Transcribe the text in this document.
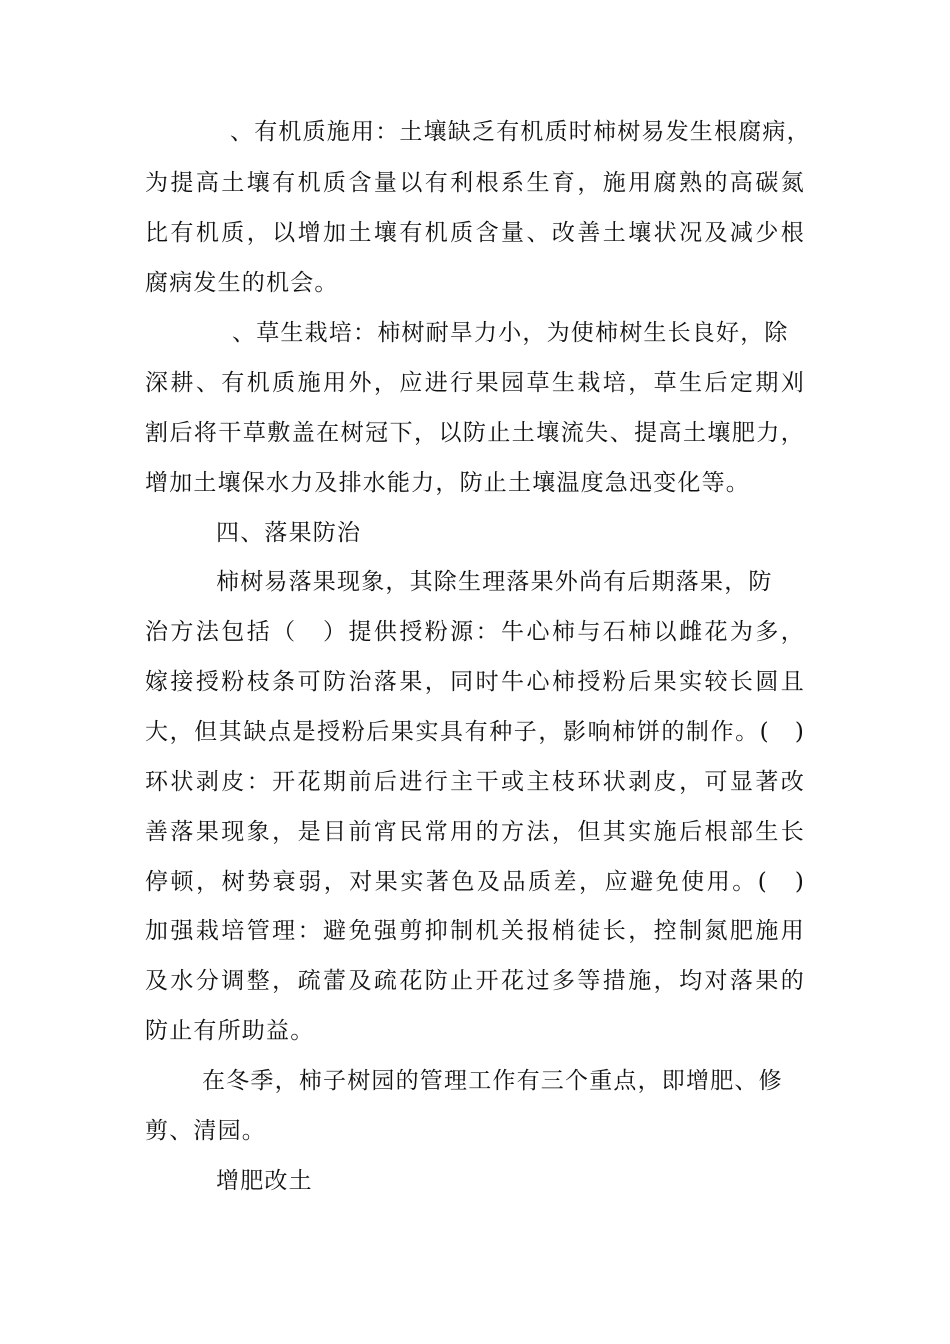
、有机质施用：土壤缺乏有机质时柿树易发生根腐病，
为提高土壤有机质含量以有利根系生育，施用腐熟的高碳氮
比有机质，以增加土壤有机质含量、改善土壤状况及减少根
腐病发生的机会。
、草生栽培：柿树耐旱力小，为使柿树生长良好，除
深耕、有机质施用外，应进行果园草生栽培，草生后定期刈
割后将干草敷盖在树冠下，以防止土壤流失、提高土壤肥力，
增加土壤保水力及排水能力，防止土壤温度急迅变化等。
四、落果防治
柿树易落果现象，其除生理落果外尚有后期落果，防
治方法包括（　）提供授粉源：牛心柿与石柿以雌花为多，
嫁接授粉枝条可防治落果，同时牛心柿授粉后果实较长圆且
大，但其缺点是授粉后果实具有种子，影响柿饼的制作。(　)
环状剥皮：开花期前后进行主干或主枝环状剥皮，可显著改
善落果现象，是目前宵民常用的方法，但其实施后根部生长
停顿，树势衰弱，对果实著色及品质差，应避免使用。(　)
加强栽培管理：避免强剪抑制机关报梢徒长，控制氮肥施用
及水分调整，疏蕾及疏花防止开花过多等措施，均对落果的
防止有所助益。
在冬季，柿子树园的管理工作有三个重点，即增肥、修
剪、清园。
增肥改土
